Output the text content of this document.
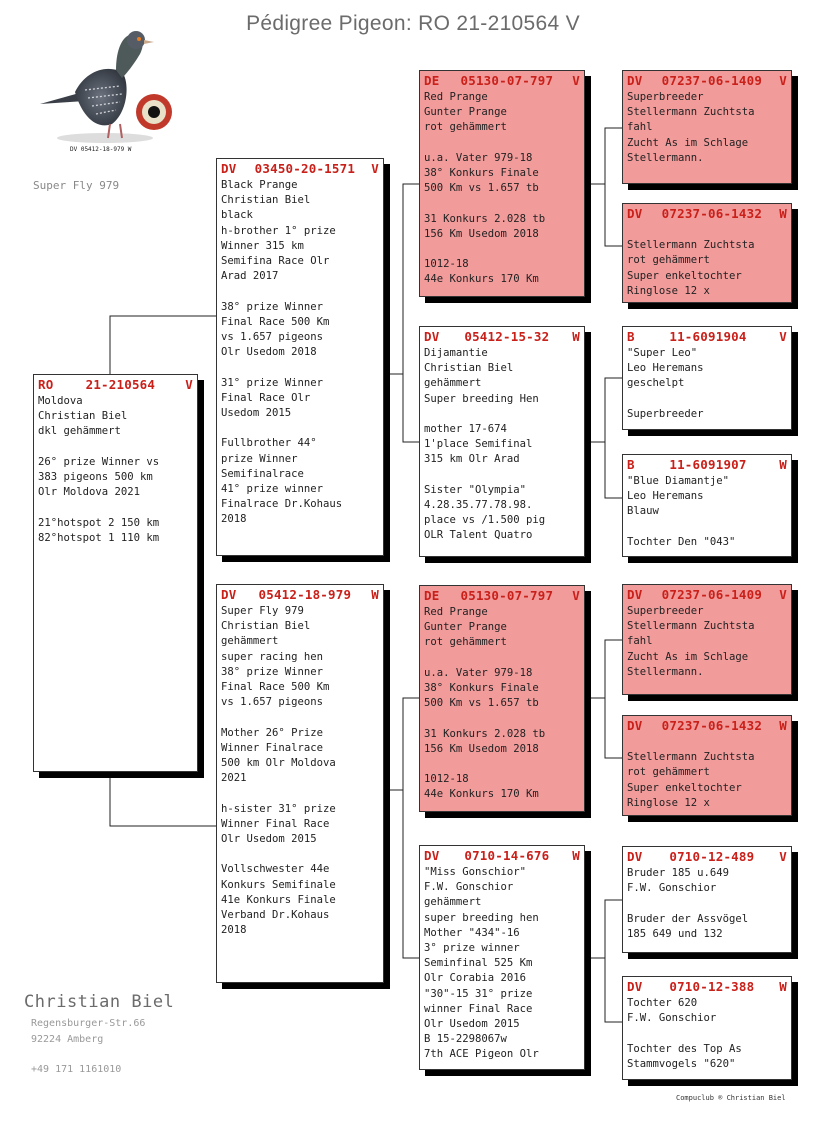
Pédigree Pigeon: RO 21-210564 V
DV 05412-18-979 W
Super Fly 979
RO	21-210564	V
Moldova
Christian Biel
dkl gehämmert

26° prize Winner vs
383 pigeons 500 km
Olr Moldova 2021

21°hotspot 2 150 km
82°hotspot 1 110 km
DV	03450-20-1571	V
Black Prange
Christian Biel
black
h-brother 1° prize
Winner 315 km
Semifina Race Olr
Arad 2017

38° prize Winner
Final Race 500 Km
vs 1.657 pigeons
Olr Usedom 2018

31° prize Winner
Final Race Olr
Usedom 2015

Fullbrother 44°
prize Winner
Semifinalrace
41° prize winner
Finalrace Dr.Kohaus
2018
DV	05412-18-979	W
Super Fly 979
Christian Biel
gehämmert
super racing hen
38° prize Winner
Final Race 500 Km
vs 1.657 pigeons

Mother 26° Prize
Winner Finalrace
500 km Olr Moldova
2021

h-sister 31° prize
Winner Final Race
Olr Usedom 2015

Vollschwester 44e
Konkurs Semifinale
41e Konkurs Finale
Verband Dr.Kohaus
2018
DE	05130-07-797	V
Red Prange
Gunter Prange
rot gehämmert

u.a. Vater 979-18
38° Konkurs Finale
500 Km vs 1.657 tb

31 Konkurs 2.028 tb
156 Km Usedom 2018

1012-18
44e Konkurs 170 Km
DV	05412-15-32	W
Dijamantie
Christian Biel
gehämmert
Super breeding Hen

mother 17-674
1'place Semifinal
315 km Olr Arad

Sister "Olympia"
4.28.35.77.78.98.
place vs /1.500 pig
OLR Talent Quatro
DE	05130-07-797	V
Red Prange
Gunter Prange
rot gehämmert

u.a. Vater 979-18
38° Konkurs Finale
500 Km vs 1.657 tb

31 Konkurs 2.028 tb
156 Km Usedom 2018

1012-18
44e Konkurs 170 Km
DV	0710-14-676	W
"Miss Gonschior"
F.W. Gonschior
gehämmert
super breeding hen
Mother "434"-16
3° prize winner
Seminfinal 525 Km
Olr Corabia 2016
"30"-15 31° prize
winner Final Race
Olr Usedom 2015
B 15-2298067w
7th ACE Pigeon Olr
DV	07237-06-1409	V
Superbreeder
Stellermann Zuchtsta
fahl
Zucht As im Schlage
Stellermann.
DV	07237-06-1432	W

Stellermann Zuchtsta
rot gehämmert
Super enkeltochter
Ringlose 12 x
B	11-6091904	V
"Super Leo"
Leo Heremans
geschelpt

Superbreeder
B	11-6091907	W
"Blue Diamantje"
Leo Heremans
Blauw

Tochter Den "043"
DV	07237-06-1409	V
Superbreeder
Stellermann Zuchtsta
fahl
Zucht As im Schlage
Stellermann.
DV	07237-06-1432	W

Stellermann Zuchtsta
rot gehämmert
Super enkeltochter
Ringlose 12 x
DV	0710-12-489	V
Bruder 185 u.649
F.W. Gonschior

Bruder der Assvögel
185 649 und 132
DV	0710-12-388	W
Tochter 620
F.W. Gonschior

Tochter des Top As
Stammvogels "620"
Christian Biel
Regensburger-Str.66
92224 Amberg
+49 171 1161010
Compuclub ® Christian Biel
